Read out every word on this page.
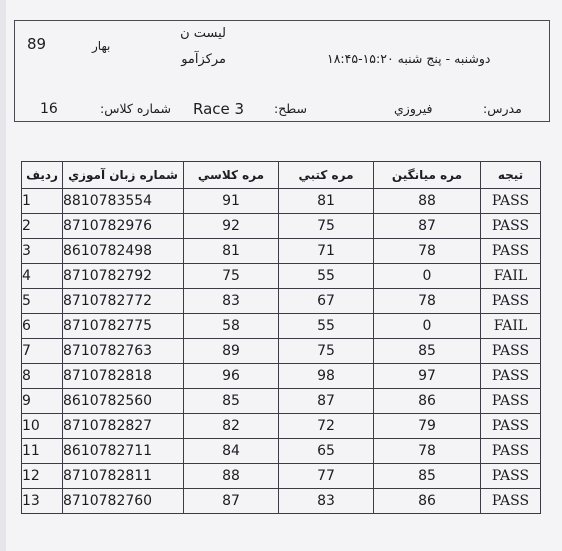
89	بهار
لیست ن
مرکزآمو	دوشنبه - پنج شنبه ۱۵:۲۰-۱۸:۴۵
16	شماره کلاس: Race 3 سطح:	فيروزي	مدرس:
ردیف	شماره زبان آموزي	مره کلاسي	مره کتبي	مره میانگین	تیجه
1	8810783554	91	81	88	PASS
2	8710782976	92	75	87	PASS
3	8610782498	81	71	78	PASS
4	8710782792	75	55	0	FAIL
5	8710782772	83	67	78	PASS
6	8710782775	58	55	0	FAIL
7	8710782763	89	75	85	PASS
8	8710782818	96	98	97	PASS
9	8610782560	85	87	86	PASS
10	8710782827	82	72	79	PASS
11	8610782711	84	65	78	PASS
12	8710782811	88	77	85	PASS
13	8710782760	87	83	86	PASS
